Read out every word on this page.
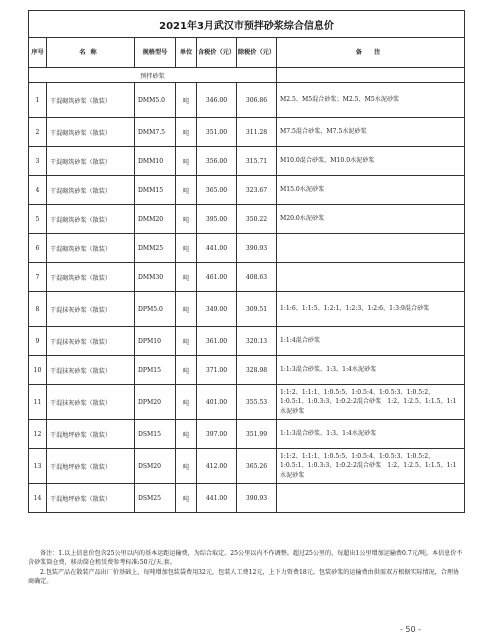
2021年3月武汉市预拌砂浆综合信息价						
序号	名称	规格型号	单位	含税价（元）	除税价（元）	备 注
预拌砂浆						
1	干混砌筑砂浆（散装）	DMM5.0	吨	346.00	306.86	M2.5、M5混合砂浆；M2.5、M5水泥砂浆
2	干混砌筑砂浆（散装）	DMM7.5	吨	351.00	311.28	M7.5混合砂浆、M7.5水泥砂浆
3	干混砌筑砂浆（散装）	DMM10	吨	356.00	315.71	M10.0混合砂浆、M10.0水泥砂浆
4	干混砌筑砂浆（散装）	DMM15	吨	365.00	323.67	M15.0水泥砂浆
5	干混砌筑砂浆（散装）	DMM20	吨	395.00	350.22	M20.0水泥砂浆
6	干混砌筑砂浆（散装）	DMM25	吨	441.00	390.93	
7	干混砌筑砂浆（散装）	DMM30	吨	461.00	408.63	
8	干混抹灰砂浆（散装）	DPM5.0	吨	349.00	309.51	1:1:6、1:1:5、1:2:1、1:2:3、1:2:6、1:3:9混合砂浆
9	干混抹灰砂浆（散装）	DPM10	吨	361.00	320.13	1:1:4混合砂浆
10	干混抹灰砂浆（散装）	DPM15	吨	371.00	328.98	1:1:3混合砂浆、1:3、1:4水泥砂浆
11	干混抹灰砂浆（散装）	DPM20	吨	401.00	355.53	1:1:2、1:1:1、1:0.5:5、1:0.5:4、1:0.5:3、1:0.5:2、1:0.5:1、1:0.3:3、1:0.2:2混合砂浆　1:2、1:2.5、1:1.5、1:1水泥砂浆
12	干混地坪砂浆（散装）	DSM15	吨	397.00	351.99	1:1:3混合砂浆、1:3、1:4水泥砂浆
13	干混地坪砂浆（散装）	DSM20	吨	412.00	365.26	1:1:2、1:1:1、1:0.5:5、1:0.5:4、1:0.5:3、1:0.5:2、1:0.5:1、1:0.3:3、1:0.2:2混合砂浆　1:2、1:2.5、1:1.5、1:1水泥砂浆
14	干混地坪砂浆（散装）	DSM25	吨	441.00	390.93	

备注：1.以上信息价包含25公里以内的基本运距运输费，为综合取定。25公里以内不作调整。超过25公里的，每超出1公里增加运输费0.7元/吨。本信息价不含砂浆筒仓费，移动筒仓租赁费参考标准:50元/天.套。

2.包装产品在散装产品出厂价基础上，每吨增加包装袋费用32元，包装人工费12元，上下力资费18元。包装砂浆的运输费由供需双方根据实际情况，合理协商确定。

- 50 -
